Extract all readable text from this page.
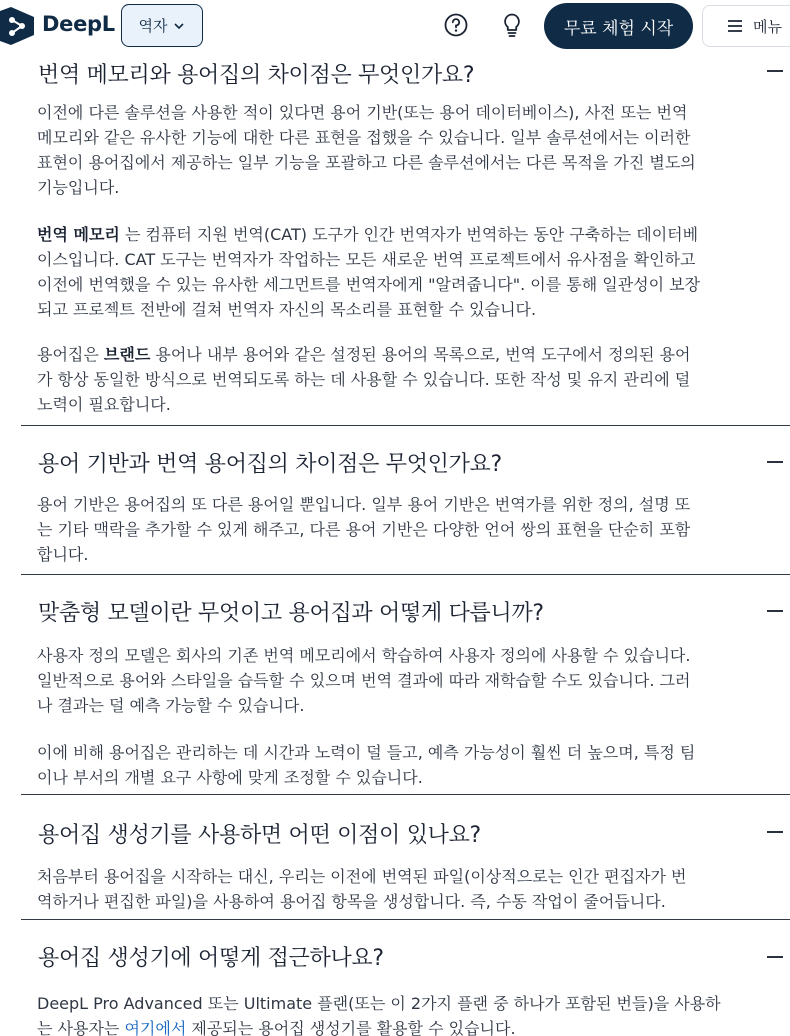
DeepL 역자	무료 체험 시작	메뉴
번역 메모리와 용어집의 차이점은 무엇인가요?
이전에 다른 솔루션을 사용한 적이 있다면 용어 기반(또는 용어 데이터베이스), 사전 또는 번역
메모리와 같은 유사한 기능에 대한 다른 표현을 접했을 수 있습니다. 일부 솔루션에서는 이러한
표현이 용어집에서 제공하는 일부 기능을 포괄하고 다른 솔루션에서는 다른 목적을 가진 별도의
기능입니다.
번역 메모리 는 컴퓨터 지원 번역(CAT) 도구가 인간 번역자가 번역하는 동안 구축하는 데이터베
이스입니다. CAT 도구는 번역자가 작업하는 모든 새로운 번역 프로젝트에서 유사점을 확인하고
이전에 번역했을 수 있는 유사한 세그먼트를 번역자에게 "알려줍니다". 이를 통해 일관성이 보장
되고 프로젝트 전반에 걸쳐 번역자 자신의 목소리를 표현할 수 있습니다.
용어집은 브랜드 용어나 내부 용어와 같은 설정된 용어의 목록으로, 번역 도구에서 정의된 용어
가 항상 동일한 방식으로 번역되도록 하는 데 사용할 수 있습니다. 또한 작성 및 유지 관리에 덜
노력이 필요합니다.
용어 기반과 번역 용어집의 차이점은 무엇인가요?
용어 기반은 용어집의 또 다른 용어일 뿐입니다. 일부 용어 기반은 번역가를 위한 정의, 설명 또
는 기타 맥락을 추가할 수 있게 해주고, 다른 용어 기반은 다양한 언어 쌍의 표현을 단순히 포함
합니다.
맞춤형 모델이란 무엇이고 용어집과 어떻게 다릅니까?
사용자 정의 모델은 회사의 기존 번역 메모리에서 학습하여 사용자 정의에 사용할 수 있습니다.
일반적으로 용어와 스타일을 습득할 수 있으며 번역 결과에 따라 재학습할 수도 있습니다. 그러
나 결과는 덜 예측 가능할 수 있습니다.
이에 비해 용어집은 관리하는 데 시간과 노력이 덜 들고, 예측 가능성이 훨씬 더 높으며, 특정 팀
이나 부서의 개별 요구 사항에 맞게 조정할 수 있습니다.
용어집 생성기를 사용하면 어떤 이점이 있나요?
처음부터 용어집을 시작하는 대신, 우리는 이전에 번역된 파일(이상적으로는 인간 편집자가 번
역하거나 편집한 파일)을 사용하여 용어집 항목을 생성합니다. 즉, 수동 작업이 줄어듭니다.
용어집 생성기에 어떻게 접근하나요?
DeepL Pro Advanced 또는 Ultimate 플랜(또는 이 2가지 플랜 중 하나가 포함된 번들)을 사용하
는 사용자는 여기에서 제공되는 용어집 생성기를 활용할 수 있습니다.
